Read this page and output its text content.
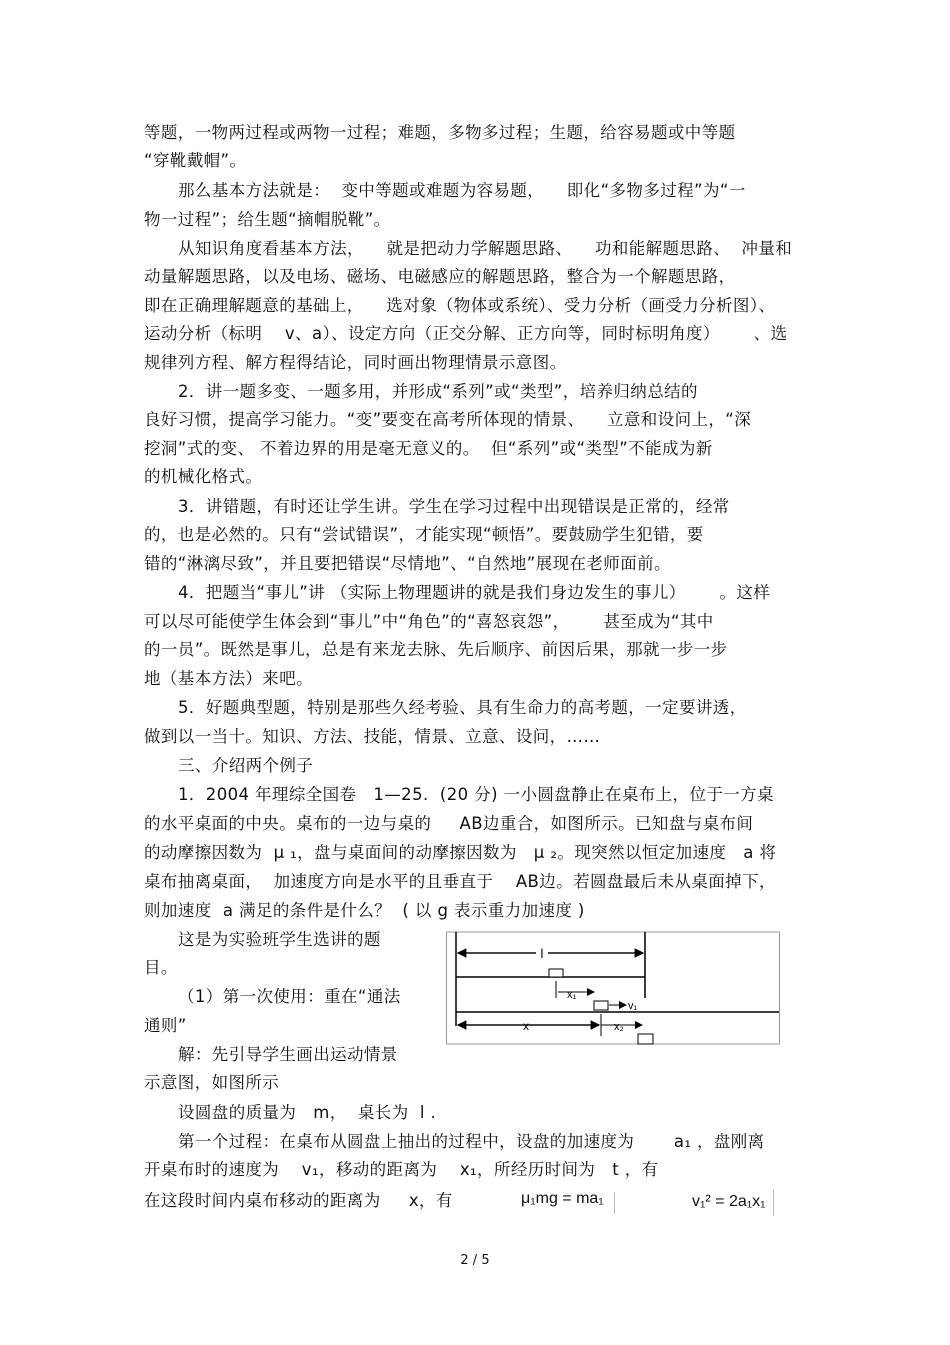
等题，一物两过程或两物一过程；难题，多物多过程；生题，给容易题或中等题
“穿靴戴帽”。
那么基本方法就是：  变中等题或难题为容易题，    即化“多物多过程”为“一
物一过程”；给生题“摘帽脱靴”。
从知识角度看基本方法，    就是把动力学解题思路、    功和能解题思路、  冲量和
动量解题思路，以及电场、磁场、电磁感应的解题思路，整合为一个解题思路，
即在正确理解题意的基础上，    选对象（物体或系统）、受力分析（画受力分析图）、
运动分析（标明    v、a）、设定方向（正交分解、正方向等，同时标明角度）      、选
规律列方程、解方程得结论，同时画出物理情景示意图。
2．讲一题多变、一题多用，并形成“系列”或“类型”，培养归纳总结的
良好习惯，提高学习能力。“变”要变在高考所体现的情景、    立意和设问上，“深
挖洞”式的变、 不着边界的用是毫无意义的。  但“系列”或“类型”不能成为新
的机械化格式。
3．讲错题，有时还让学生讲。学生在学习过程中出现错误是正常的，经常
的，也是必然的。只有“尝试错误”，才能实现“顿悟”。要鼓励学生犯错，要
错的“淋漓尽致”，并且要把错误“尽情地”、“自然地”展现在老师面前。
4．把题当“事儿”讲 （实际上物理题讲的就是我们身边发生的事儿）      。这样
可以尽可能使学生体会到“事儿”中“角色”的“喜怒哀怨”，      甚至成为“其中
的一员”。既然是事儿，总是有来龙去脉、先后顺序、前因后果，那就一步一步
地（基本方法）来吧。
5．好题典型题，特别是那些久经考验、具有生命力的高考题，一定要讲透，
做到以一当十。知识、方法、技能，情景、立意、设问，……
三、介绍两个例子
1．2004 年理综全国卷   1—25.  (20 分) 一小圆盘静止在桌布上，位于一方桌
的水平桌面的中央。桌布的一边与桌的     AB边重合，如图所示。已知盘与桌布间
的动摩擦因数为  μ ₁，盘与桌面间的动摩擦因数为   μ ₂。现突然以恒定加速度   a 将
桌布抽离桌面，  加速度方向是水平的且垂直于    AB边。若圆盘最后未从桌面掉下，
则加速度  a 满足的条件是什么？  ( 以 g 表示重力加速度 )
这是为实验班学生选讲的题
目。
（1）第一次使用：重在“通法
通则”
解：先引导学生画出运动情景
示意图，如图所示
设圆盘的质量为   m，  桌长为  l .
第一个过程：在桌布从圆盘上抽出的过程中，设盘的加速度为       a₁ ，盘刚离
开桌布时的速度为    v₁，移动的距离为    x₁，所经历时间为   t ，有
在这段时间内桌布移动的距离为     x，有
l
x₁
v₁
x	x₂
μ₁mg = ma₁	v₁² = 2a₁x₁
2 / 5
